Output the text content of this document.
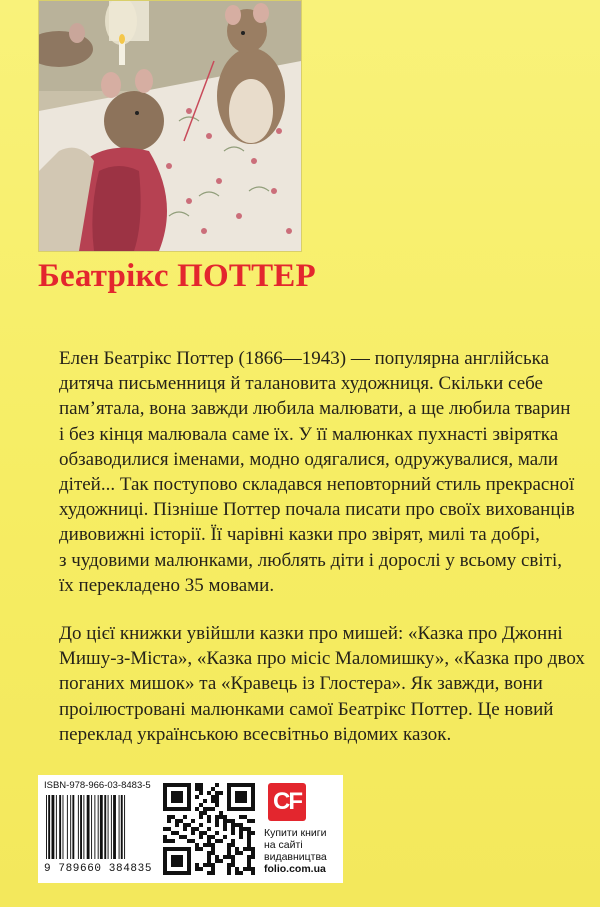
Беатрікс ПОТТЕР

Елен Беатрікс Поттер (1866—1943) — популярна англійська
дитяча письменниця й талановита художниця. Скільки себе
пам’ятала, вона завжди любила малювати, а ще любила тварин
і без кінця малювала саме їх. У її малюнках пухнасті звірятка
обзаводилися іменами, модно одягалися, одружувалися, мали
дітей... Так поступово складався неповторний стиль прекрасної
художниці. Пізніше Поттер почала писати про своїх вихованців
дивовижні історії. Її чарівні казки про звірят, милі та добрі,
з чудовими малюнками, люблять діти і дорослі у всьому світі,
їх перекладено 35 мовами.

До цієї книжки увійшли казки про мишей: «Казка про Джонні
Мишу-з-Міста», «Казка про місіс Маломишку», «Казка про двох
поганих мишок» та «Кравець із Глостера». Як завжди, вони
проілюстровані малюнками самої Беатрікс Поттер. Це новий
переклад українською всесвітньо відомих казок.

ISBN-978-966-03-8483-5
9 789660 384835
CF
Купити книги
на сайті
видавництва
folio.com.ua
